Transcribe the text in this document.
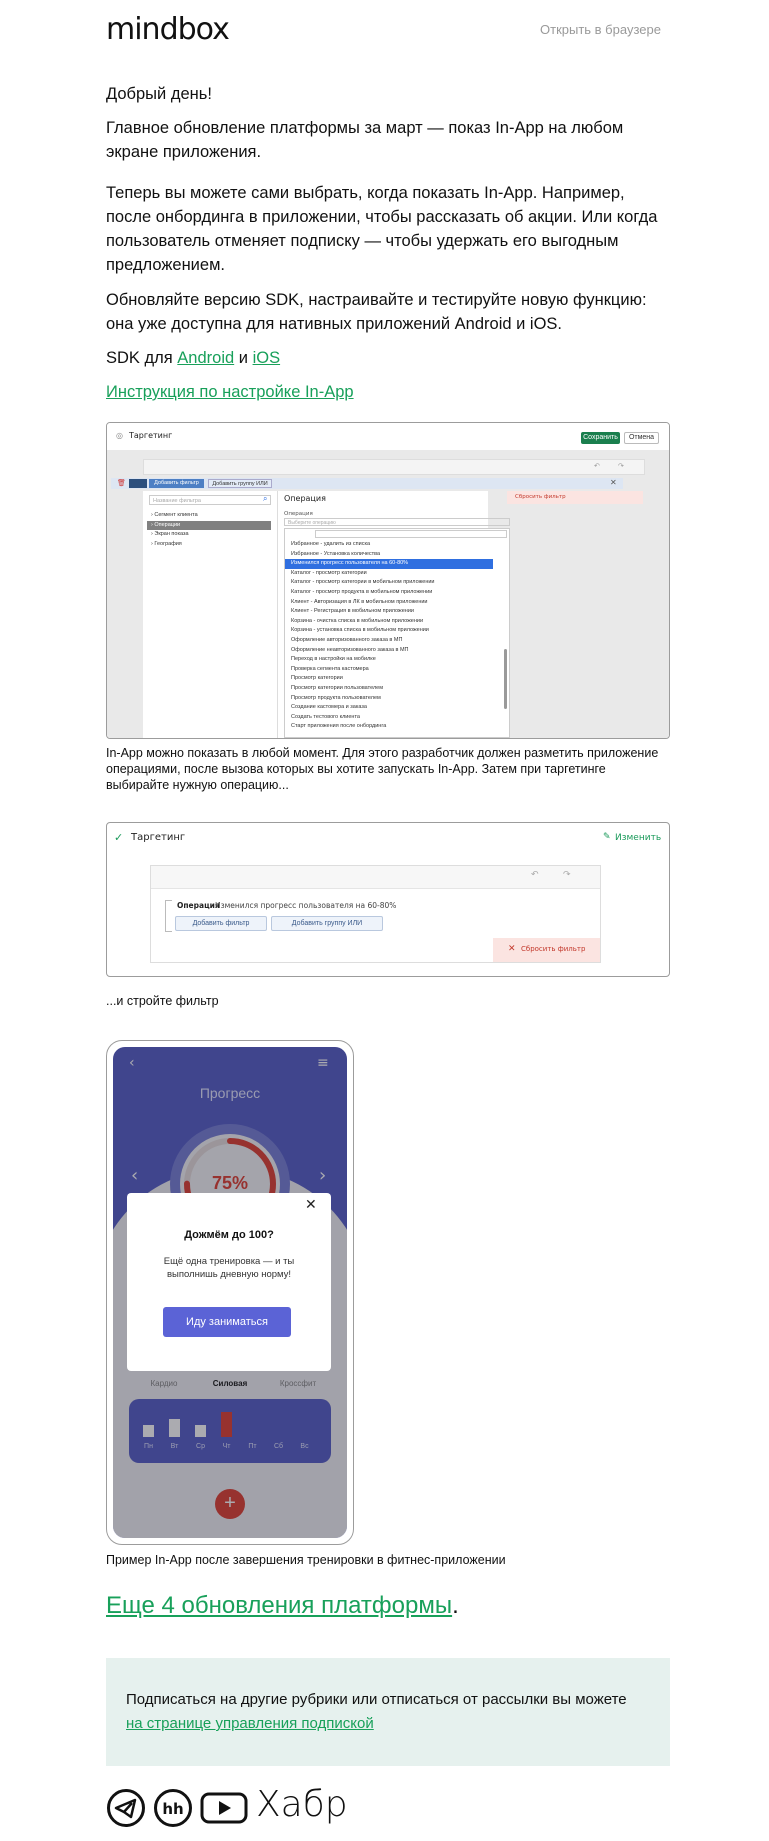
mindbox	Открыть в браузере

Добрый день!

Главное обновление платформы за март — показ In-App на любом экране приложения.

Теперь вы можете сами выбрать, когда показать In-App. Например, после онбординга в приложении, чтобы рассказать об акции. Или когда пользователь отменяет подписку — чтобы удержать его выгодным предложением.

Обновляйте версию SDK, настраивайте и тестируйте новую функцию: она уже доступна для нативных приложений Android и iOS.

SDK для Android и iOS

Инструкция по настройке In-App

◎ Таргетинг	Сохранить	Отмена
↶	↷
🗑	Добавить фильтр	Добавить группу ИЛИ	✕
Название фильтра	⌕
› Сегмент клиента
› Операции
› Экран показа
› География
Операция
Операция
Выберите операцию
Избранное - удалить из списка
Избранное - Установка количества
Изменился прогресс пользователя на 60-80%
Каталог - просмотр категории
Каталог - просмотр категории в мобильном приложении
Каталог - просмотр продукта в мобильном приложении
Клиент - Авторизация в ЛК в мобильном приложении
Клиент - Регистрация в мобильном приложении
Корзина - очистка списка в мобильном приложении
Корзина - установка списка в мобильном приложении
Оформление авторизованного заказа в МП
Оформление неавторизованного заказа в МП
Переход в настройки на мобилке
Проверка сегмента кастомера
Просмотр категории
Просмотр категории пользователем
Просмотр продукта пользователем
Создание кастомера и заказа
Создать тестового клиента
Старт приложения после онбординга
Сбросить фильтр

In-App можно показать в любой момент. Для этого разработчик должен разметить приложение операциями, после вызова которых вы хотите запускать In-App. Затем при таргетинге выбирайте нужную операцию...

✓ Таргетинг	✎ Изменить
↶	↷
Операция
Изменился прогресс пользователя на 60-80%
Добавить фильтр	Добавить группу ИЛИ
✕ Сбросить фильтр

...и стройте фильтр

‹	≡
Прогресс
75%
‹	›
Кардио	Силовая	Кроссфит
Пн	Вт	Ср	Чт	Пт	Сб	Вс
+
✕
Дожмём до 100?
Ещё одна тренировка — и ты выполнишь дневную норму!
Иду заниматься

Пример In-App после завершения тренировки в фитнес-приложении

Еще 4 обновления платформы.
Подписаться на другие рубрики или отписаться от рассылки вы можете
на странице управления подпиской
hh Хабр
